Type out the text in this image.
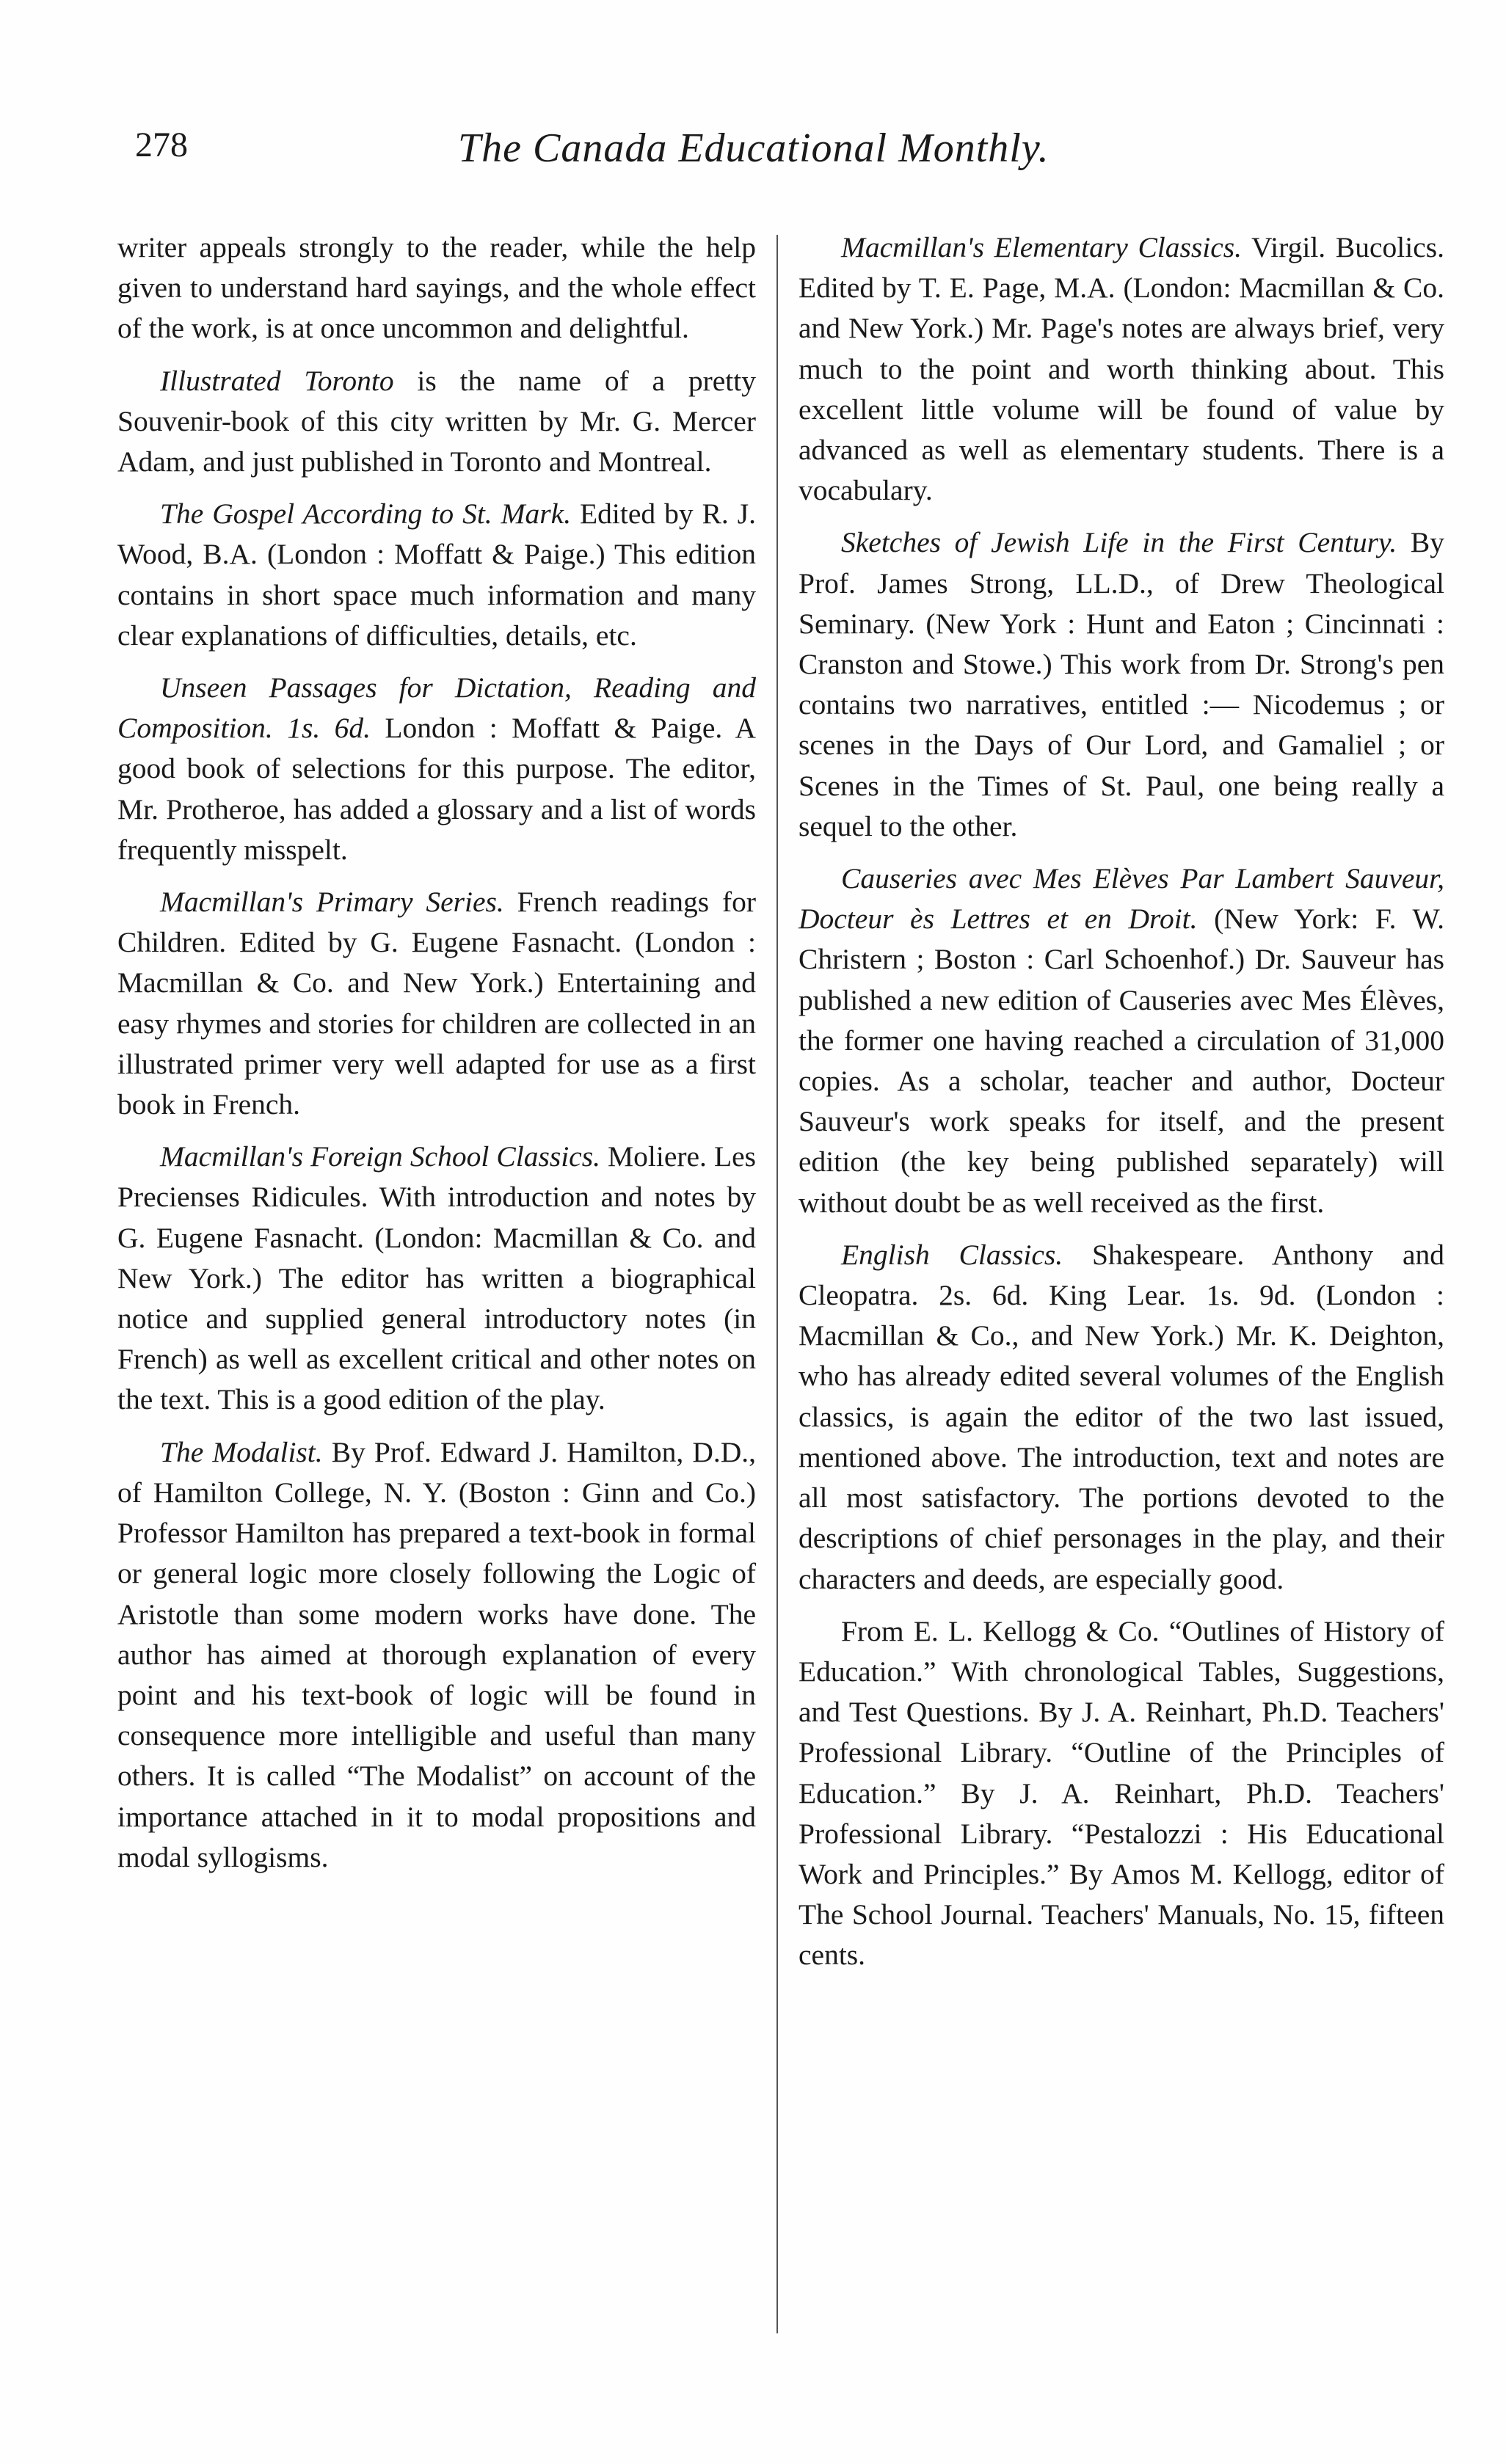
278	The Canada Educational Monthly.

writer appeals strongly to the reader, while the help given to understand hard sayings, and the whole effect of the work, is at once uncommon and delightful.

Illustrated Toronto is the name of a pretty Souvenir-book of this city written by Mr. G. Mercer Adam, and just published in Toronto and Montreal.

The Gospel According to St. Mark. Edited by R. J. Wood, B.A. (London : Moffatt & Paige.) This edition contains in short space much information and many clear explanations of difficulties, details, etc.

Unseen Passages for Dictation, Reading and Composition. 1s. 6d. London : Moffatt & Paige. A good book of selections for this purpose. The editor, Mr. Protheroe, has added a glossary and a list of words frequently misspelt.

Macmillan's Primary Series. French readings for Children. Edited by G. Eugene Fasnacht. (London : Macmillan & Co. and New York.) Entertaining and easy rhymes and stories for children are collected in an illustrated primer very well adapted for use as a first book in French.

Macmillan's Foreign School Classics. Moliere. Les Precienses Ridicules. With introduction and notes by G. Eugene Fasnacht. (London: Macmillan & Co. and New York.) The editor has written a biographical notice and supplied general introductory notes (in French) as well as excellent critical and other notes on the text. This is a good edition of the play.

The Modalist. By Prof. Edward J. Hamilton, D.D., of Hamilton College, N. Y. (Boston : Ginn and Co.) Professor Hamilton has prepared a text-book in formal or general logic more closely following the Logic of Aristotle than some modern works have done. The author has aimed at thorough explanation of every point and his text-book of logic will be found in consequence more intelligible and useful than many others. It is called “The Modalist” on account of the importance attached in it to modal propositions and modal syllogisms.

Macmillan's Elementary Classics. Virgil. Bucolics. Edited by T. E. Page, M.A. (London: Macmillan & Co. and New York.) Mr. Page's notes are always brief, very much to the point and worth thinking about. This excellent little volume will be found of value by advanced as well as elementary students. There is a vocabulary.

Sketches of Jewish Life in the First Century. By Prof. James Strong, LL.D., of Drew Theological Seminary. (New York : Hunt and Eaton ; Cincinnati : Cranston and Stowe.) This work from Dr. Strong's pen contains two narratives, entitled :— Nicodemus ; or scenes in the Days of Our Lord, and Gamaliel ; or Scenes in the Times of St. Paul, one being really a sequel to the other.

Causeries avec Mes Elèves Par Lambert Sauveur, Docteur ès Lettres et en Droit. (New York: F. W. Christern ; Boston : Carl Schoenhof.) Dr. Sauveur has published a new edition of Causeries avec Mes Élèves, the former one having reached a circulation of 31,000 copies. As a scholar, teacher and author, Docteur Sauveur's work speaks for itself, and the present edition (the key being published separately) will without doubt be as well received as the first.

English Classics. Shakespeare. Anthony and Cleopatra. 2s. 6d. King Lear. 1s. 9d. (London : Macmillan & Co., and New York.) Mr. K. Deighton, who has already edited several volumes of the English classics, is again the editor of the two last issued, mentioned above. The introduction, text and notes are all most satisfactory. The portions devoted to the descriptions of chief personages in the play, and their characters and deeds, are especially good.

From E. L. Kellogg & Co. “Outlines of History of Education.” With chronological Tables, Suggestions, and Test Questions. By J. A. Reinhart, Ph.D. Teachers' Professional Library. “Outline of the Principles of Education.” By J. A. Reinhart, Ph.D. Teachers' Professional Library. “Pestalozzi : His Educational Work and Principles.” By Amos M. Kellogg, editor of The School Journal. Teachers' Manuals, No. 15, fifteen cents.
